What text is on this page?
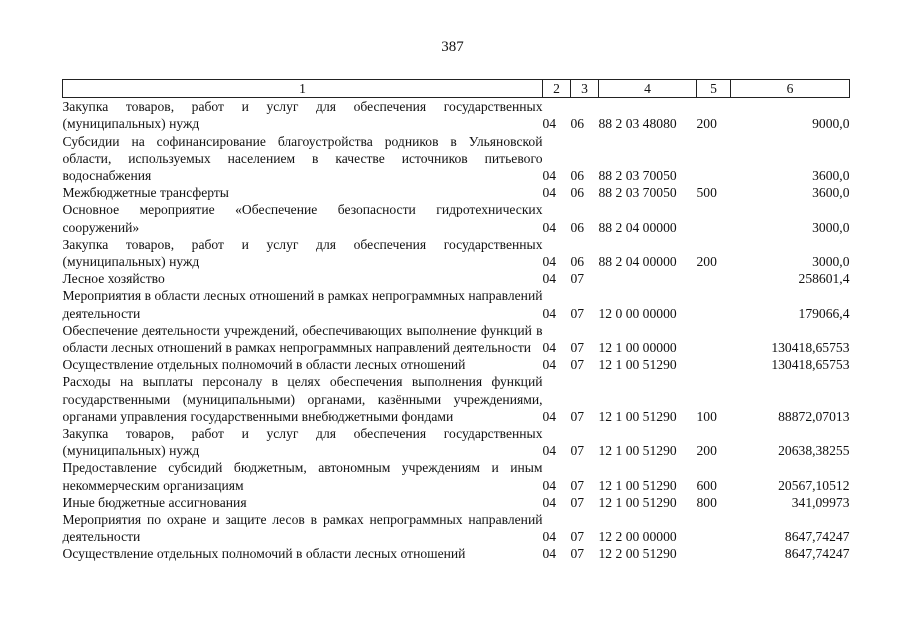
387
1	2	3	4	5	6
Закупка товаров, работ и услуг для обеспечения государственных (муниципальных) нужд	04	06	88 2 03 48080	200	9000,0
Субсидии на софинансирование благоустройства родников в Ульяновской области, используемых населением в качестве источников питьевого водоснабжения	04	06	88 2 03 70050		3600,0
Межбюджетные трансферты	04	06	88 2 03 70050	500	3600,0
Основное мероприятие «Обеспечение безопасности гидротехнических сооружений»	04	06	88 2 04 00000		3000,0
Закупка товаров, работ и услуг для обеспечения государственных (муниципальных) нужд	04	06	88 2 04 00000	200	3000,0
Лесное хозяйство	04	07			258601,4
Мероприятия в области лесных отношений в рамках непрограммных направлений деятельности	04	07	12 0 00 00000		179066,4
Обеспечение деятельности учреждений, обеспечивающих выполнение функций в области лесных отношений в рамках непрограммных направлений деятельности	04	07	12 1 00 00000		130418,65753
Осуществление отдельных полномочий в области лесных отношений	04	07	12 1 00 51290		130418,65753
Расходы на выплаты персоналу в целях обеспечения выполнения функций государственными (муниципальными) органами, казёнными учреждениями, органами управления государственными внебюджетными фондами	04	07	12 1 00 51290	100	88872,07013
Закупка товаров, работ и услуг для обеспечения государственных (муниципальных) нужд	04	07	12 1 00 51290	200	20638,38255
Предоставление субсидий бюджетным, автономным учреждениям и иным некоммерческим организациям	04	07	12 1 00 51290	600	20567,10512
Иные бюджетные ассигнования	04	07	12 1 00 51290	800	341,09973
Мероприятия по охране и защите лесов в рамках непрограммных направлений деятельности	04	07	12 2 00 00000		8647,74247
Осуществление отдельных полномочий в области лесных отношений	04	07	12 2 00 51290		8647,74247
